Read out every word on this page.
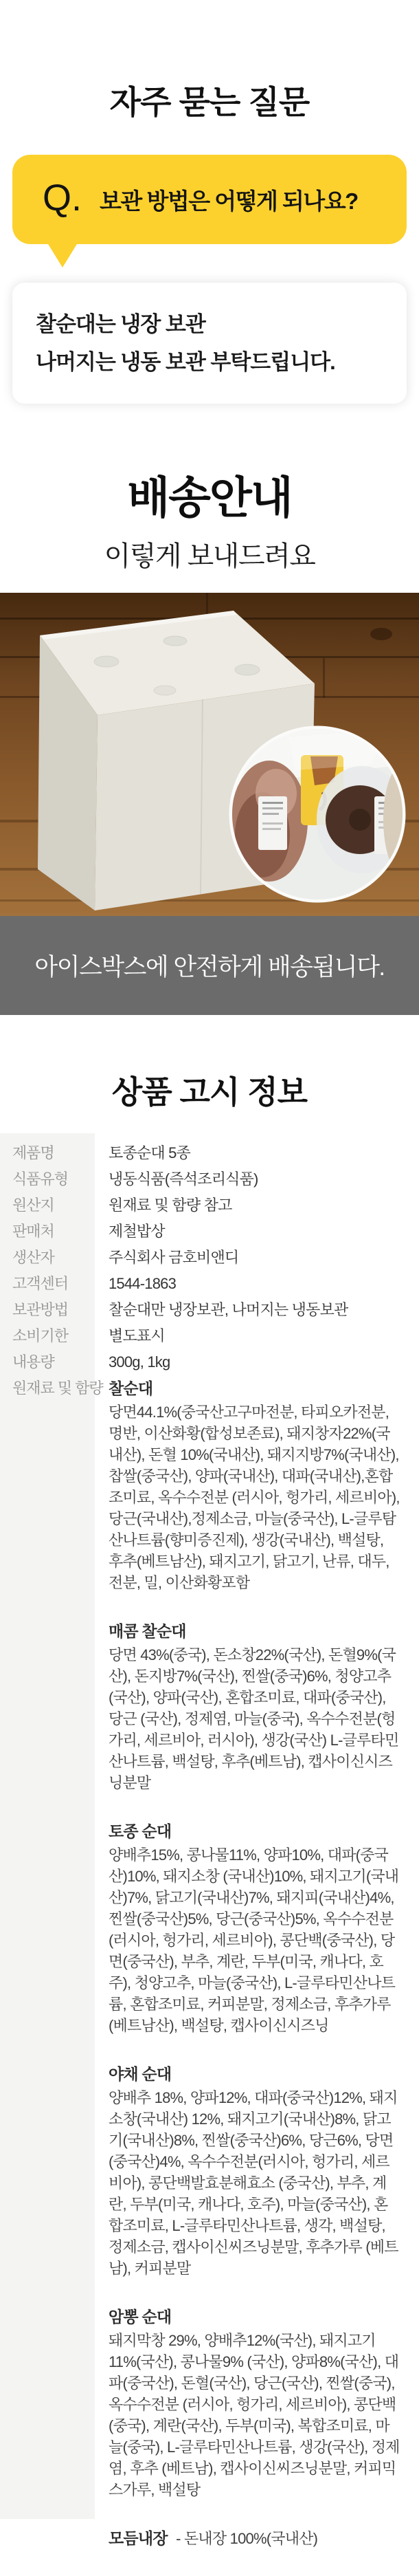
자주 묻는 질문
Q. 보관 방법은 어떻게 되나요?
찰순대는 냉장 보관
나머지는 냉동 보관 부탁드립니다.
배송안내
이렇게 보내드려요
아이스박스에 안전하게 배송됩니다.
상품 고시 정보
제품명	토종순대 5종
식품유형	냉동식품(즉석조리식품)
원산지	원재료 및 함량 참고
판매처	제철밥상
생산자	주식회사 금호비앤디
고객센터	1544-1863
보관방법	찰순대만 냉장보관, 나머지는 냉동보관
소비기한	별도표시
내용량	300g, 1kg
원재료 및 함량 찰순대
당면44.1%(중국산고구마전분, 타피오카전분, 명반, 이산화황(합성보존료), 돼지창자22%(국내산), 돈혈 10%(국내산), 돼지지방7%(국내산), 찹쌀(중국산), 양파(국내산), 대파(국내산),혼합조미료, 옥수수전분 (러시아, 헝가리, 세르비아), 당근(국내산),정제소금, 마늘(중국산), L-글루탐산나트륨(향미증진제), 생강(국내산), 백설탕, 후추(베트남산), 돼지고기, 닭고기, 난류, 대두, 전분, 밀, 이산화황포함
매콤 찰순대
당면 43%(중국), 돈소창22%(국산), 돈혈9%(국산), 돈지방7%(국산), 찐쌀(중국)6%, 청양고추(국산), 양파(국산), 혼합조미료, 대파(중국산), 당근 (국산), 정제염, 마늘(중국), 옥수수전분(헝가리, 세르비아, 러시아), 생강(국산) L-글루타민산나트륨, 백설탕, 후추(베트남), 캡사이신시즈닝분말
토종 순대
양배추15%, 콩나물11%, 양파10%, 대파(중국산)10%, 돼지소창 (국내산)10%, 돼지고기(국내산)7%, 닭고기(국내산)7%, 돼지피(국내산)4%, 찐쌀(중국산)5%, 당근(중국산)5%, 옥수수전분(러시아, 헝가리, 세르비아), 콩단백(중국산), 당면(중국산), 부추, 계란, 두부(미국, 캐나다, 호주), 청양고추, 마늘(중국산), L-글루타민산나트륨, 혼합조미료, 커피분말, 정제소금, 후추가루(베트남산), 백설탕, 캡사이신시즈닝
야채 순대
양배추 18%, 양파12%, 대파(중국산)12%, 돼지소창(국내산) 12%, 돼지고기(국내산)8%, 닭고기(국내산)8%, 찐쌀(중국산)6%, 당근6%, 당면 (중국산)4%, 옥수수전분(러시아, 헝가리, 세르비아), 콩단백발효분해효소 (중국산), 부추, 계란, 두부(미국, 캐나다, 호주), 마늘(중국산), 혼합조미료, L-글루타민산나트륨, 생각, 백설탕, 정제소금, 캡사이신씨즈닝분말, 후추가루 (베트남), 커피분말
암뽕 순대
돼지막창 29%, 양배추12%(국산), 돼지고기 11%(국산), 콩나물9% (국산), 양파8%(국산), 대파(중국산), 돈혈(국산), 당근(국산), 찐쌀(중국), 옥수수전분 (러시아, 헝가리, 세르비아), 콩단백 (중국), 계란(국산), 두부(미국), 복합조미료, 마늘(중국), L-글루타민산나트륨, 생강(국산), 정제염, 후추 (베트남), 캡사이신씨즈닝분말, 커피믹스가루, 백설탕
모듬내장 - 돈내장 100%(국내산)
